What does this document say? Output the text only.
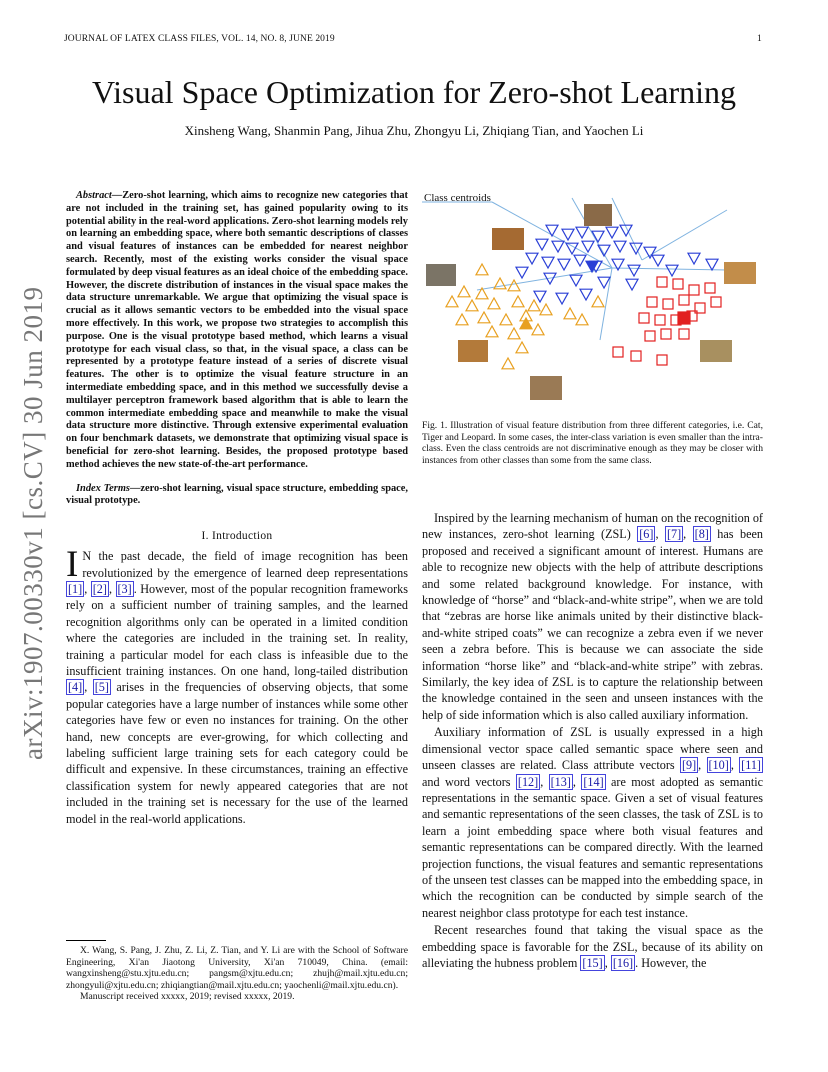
JOURNAL OF LATEX CLASS FILES, VOL. 14, NO. 8, JUNE 2019	1
Visual Space Optimization for Zero-shot Learning
Xinsheng Wang, Shanmin Pang, Jihua Zhu, Zhongyu Li, Zhiqiang Tian, and Yaochen Li
arXiv:1907.00330v1 [cs.CV] 30 Jun 2019

Abstract—Zero-shot learning, which aims to recognize new categories that are not included in the training set, has gained popularity owing to its potential ability in the real-word applications. Zero-shot learning models rely on learning an embedding space, where both semantic descriptions of classes and visual features of instances can be embedded for nearest neighbor search. Recently, most of the existing works consider the visual space formulated by deep visual features as an ideal choice of the embedding space. However, the discrete distribution of instances in the visual space makes the data structure unremarkable. We argue that optimizing the visual space is crucial as it allows semantic vectors to be embedded into the visual space more effectively. In this work, we propose two strategies to accomplish this purpose. One is the visual prototype based method, which learns a visual prototype for each visual class, so that, in the visual space, a class can be represented by a prototype feature instead of a series of discrete visual features. The other is to optimize the visual feature structure in an intermediate embedding space, and in this method we successfully devise a multilayer perceptron framework based algorithm that is able to learn the common intermediate embedding space and meanwhile to make the visual data structure more distinctive. Through extensive experimental evaluation on four benchmark datasets, we demonstrate that optimizing visual space is beneficial for zero-shot learning. Besides, the proposed prototype based method achieves the new state-of-the-art performance.

Index Terms—zero-shot learning, visual space structure, embedding space, visual prototype.

I. Introduction

I N the past decade, the field of image recognition has been revolutionized by the emergence of learned deep representations [1] , [2] , [3] . However, most of the popular recognition frameworks rely on a sufficient number of training samples, and the learned recognition algorithms only can be operated in a limited condition where the categories are included in the training set. In reality, training a particular model for each class is infeasible due to the insufficient training instances. On one hand, long-tailed distribution [4] , [5] arises in the frequencies of observing objects, that some popular categories have a large number of instances while some other categories have few or even no instances for training. On the other hand, new concepts are ever-growing, for which collecting and labeling sufficient large training sets for each category could be difficult and expensive. In these circumstances, training an effective classification system for newly appeared categories that are not included in the training set is necessary for the use of the learned model in the real-world applications.

X. Wang, S. Pang, J. Zhu, Z. Li, Z. Tian, and Y. Li are with the School of Software Engineering, Xi'an Jiaotong University, Xi'an 710049, China. (email: wangxinsheng@stu.xjtu.edu.cn; pangsm@xjtu.edu.cn; zhujh@mail.xjtu.edu.cn; zhongyuli@xjtu.edu.cn; zhiqiangtian@mail.xjtu.edu.cn; yaochenli@mail.xjtu.edu.cn).

Manuscript received xxxxx, 2019; revised xxxxx, 2019.

Class centroids

Fig. 1. Illustration of visual feature distribution from three different categories, i.e. Cat, Tiger and Leopard. In some cases, the inter-class variation is even smaller than the intra-class. Even the class centroids are not discriminative enough as they may be closer with instances from other classes than some from the same class.

Inspired by the learning mechanism of human on the recognition of new instances, zero-shot learning (ZSL) [6] , [7] , [8] has been proposed and received a significant amount of interest. Humans are able to recognize new objects with the help of attribute descriptions and some related background knowledge. For instance, with knowledge of “horse” and “black-and-white stripe”, when we are told that “zebras are horse like animals united by their distinctive black-and-white striped coats” we can recognize a zebra even if we never seen a zebra before. This is because we can associate the side information “horse like” and “black-and-white stripe” with zebras. Similarly, the key idea of ZSL is to capture the relationship between the knowledge contained in the seen and unseen instances with the help of side information which is also called auxiliary information.

Auxiliary information of ZSL is usually expressed in a high dimensional vector space called semantic space where seen and unseen classes are related. Class attribute vectors [9] , [10] , [11] and word vectors [12] , [13] , [14] are most adopted as semantic representations in the semantic space. Given a set of visual features and semantic representations of the seen classes, the task of ZSL is to learn a joint embedding space where both visual features and semantic representations can be compared directly. With the learned projection functions, the visual features and semantic representations of the unseen test classes can be mapped into the embedding space, in which the recognition can be conducted by simple search of the nearest neighbor class prototype for each test instance.

Recent researches found that taking the visual space as the embedding space is favorable for the ZSL, because of its ability on alleviating the hubness problem [15] , [16] . However, the
